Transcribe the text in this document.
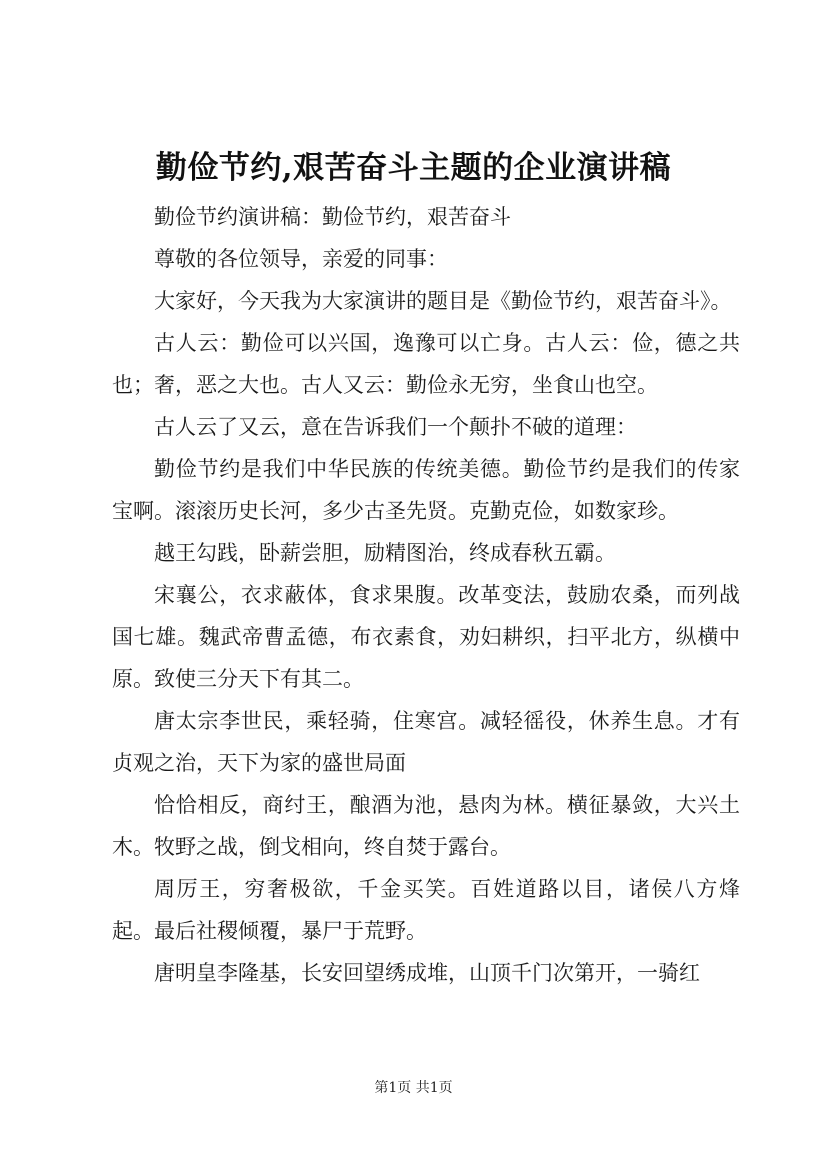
勤俭节约,艰苦奋斗主题的企业演讲稿

勤俭节约演讲稿：勤俭节约，艰苦奋斗

尊敬的各位领导，亲爱的同事：

大家好，今天我为大家演讲的题目是《勤俭节约，艰苦奋斗》。

古人云：勤俭可以兴国，逸豫可以亡身。古人云：俭，德之共也；奢，恶之大也。古人又云：勤俭永无穷，坐食山也空。

古人云了又云，意在告诉我们一个颠扑不破的道理：

勤俭节约是我们中华民族的传统美德。勤俭节约是我们的传家宝啊。滚滚历史长河，多少古圣先贤。克勤克俭，如数家珍。

越王勾践，卧薪尝胆，励精图治，终成春秋五霸。

宋襄公，衣求蔽体，食求果腹。改革变法，鼓励农桑，而列战国七雄。魏武帝曹孟德，布衣素食，劝妇耕织，扫平北方，纵横中原。致使三分天下有其二。

唐太宗李世民，乘轻骑，住寒宫。减轻徭役，休养生息。才有贞观之治，天下为家的盛世局面

恰恰相反，商纣王，酿酒为池，悬肉为林。横征暴敛，大兴土木。牧野之战，倒戈相向，终自焚于露台。

周厉王，穷奢极欲，千金买笑。百姓道路以目，诸侯八方烽起。最后社稷倾覆，暴尸于荒野。

唐明皇李隆基，长安回望绣成堆，山顶千门次第开，一骑红

第1页 共1页
